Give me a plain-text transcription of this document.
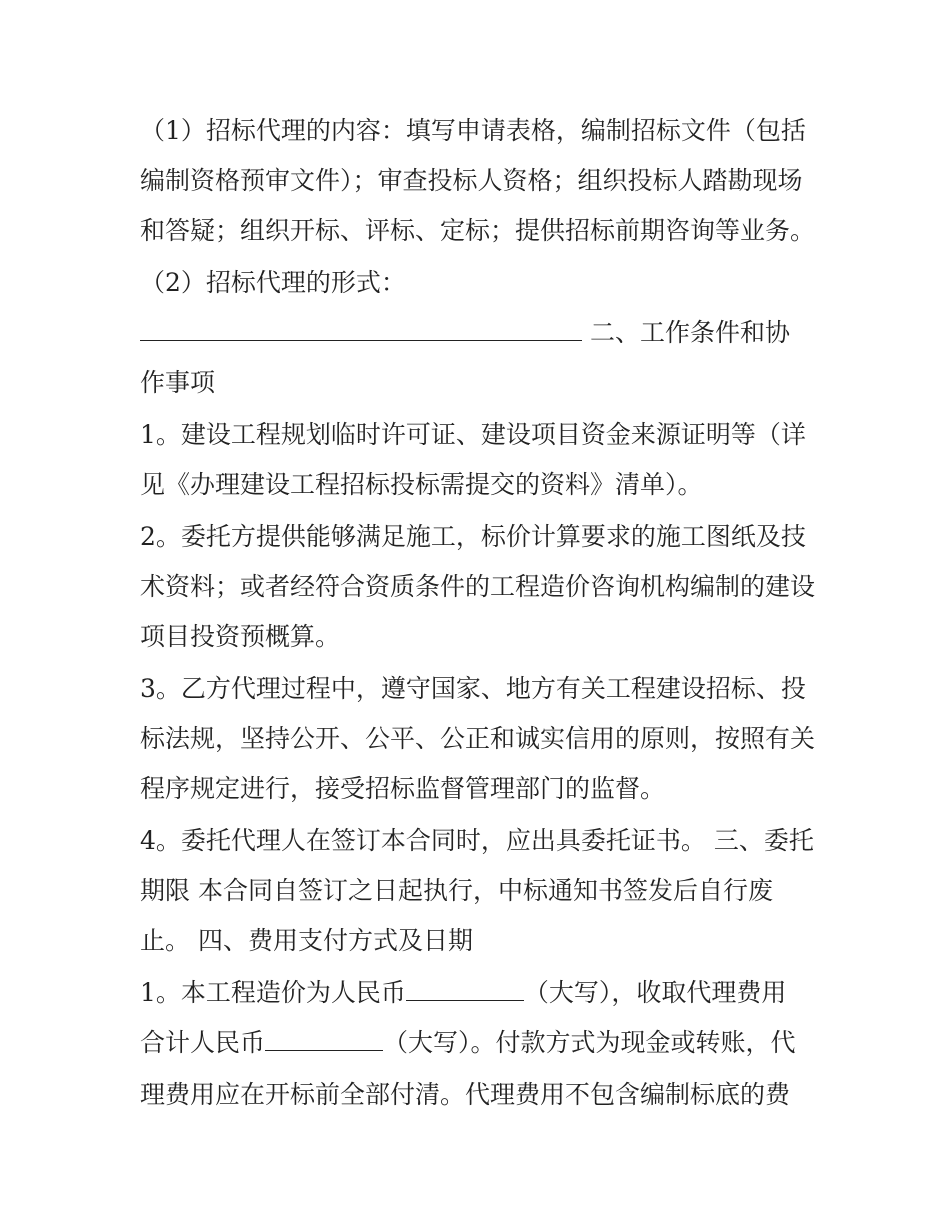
（1）招标代理的内容：填写申请表格，编制招标文件（包括
编制资格预审文件）；审查投标人资格；组织投标人踏勘现场
和答疑；组织开标、评标、定标；提供招标前期咨询等业务。
（2）招标代理的形式：
二、工作条件和协
作事项
1。建设工程规划临时许可证、建设项目资金来源证明等（详
见《办理建设工程招标投标需提交的资料》清单）。
2。委托方提供能够满足施工，标价计算要求的施工图纸及技
术资料；或者经符合资质条件的工程造价咨询机构编制的建设
项目投资预概算。
3。乙方代理过程中，遵守国家、地方有关工程建设招标、投
标法规，坚持公开、公平、公正和诚实信用的原则，按照有关
程序规定进行，接受招标监督管理部门的监督。
4。委托代理人在签订本合同时，应出具委托证书。 三、委托
期限 本合同自签订之日起执行，中标通知书签发后自行废
止。 四、费用支付方式及日期
1。本工程造价为人民币	（大写），收取代理费用
合计人民币	（大写）。付款方式为现金或转账，代
理费用应在开标前全部付清。代理费用不包含编制标底的费
